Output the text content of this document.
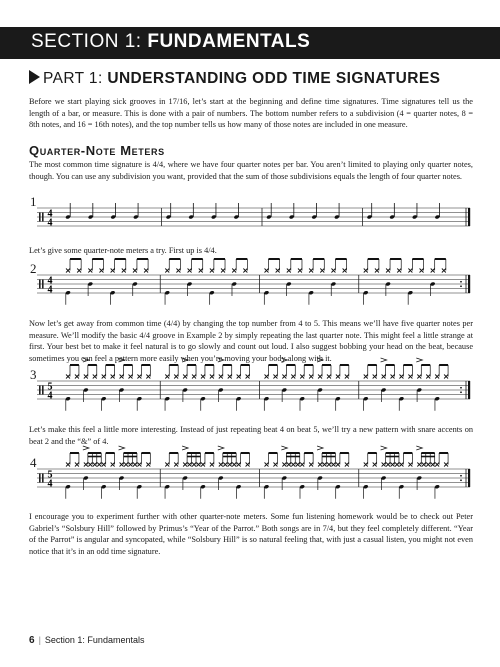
SECTION 1: FUNDAMENTALS
PART 1: UNDERSTANDING ODD TIME SIGNATURES

Before we start playing sick grooves in 17/16, let’s start at the beginning and define time signatures. Time signatures tell us the length of a bar, or measure. This is done with a pair of numbers. The bottom number refers to a subdivision (4 = quarter notes, 8 = 8th notes, and 16 = 16th notes), and the top number tells us how many of those notes are included in one measure.

Quarter-Note Meters

The most common time signature is 4/4, where we have four quarter notes per bar. You aren’t limited to playing only quarter notes, though. You can use any subdivision you want, provided that the sum of those subdivisions equals the length of four quarter notes.

1
4
4

Let’s give some quarter-note meters a try. First up is 4/4.

2
4
4

Now let’s get away from common time (4/4) by changing the top number from 4 to 5. This means we’ll have five quarter notes per measure. We’ll modify the basic 4/4 groove in Example 2 by simply repeating the last quarter note. This might feel a little strange at first. Your best bet to make it feel natural is to go slowly and count out loud. I also suggest bobbing your head on the beat, because sometimes you can feel a pattern more easily when you’re moving your body along with it.

3
5
4

Let’s make this feel a little more interesting. Instead of just repeating beat 4 on beat 5, we’ll try a new pattern with snare accents on beat 2 and the “&” of 4.

4
5
4

I encourage you to experiment further with other quarter-note meters. Some fun listening homework would be to check out Peter Gabriel’s “Solsbury Hill” followed by Primus’s “Year of the Parrot.” Both songs are in 7/4, but they feel completely different. “Year of the Parrot” is angular and syncopated, while “Solsbury Hill” is so natural feeling that, with just a casual listen, you might not even notice that it’s in an odd time signature.

6 | Section 1: Fundamentals
